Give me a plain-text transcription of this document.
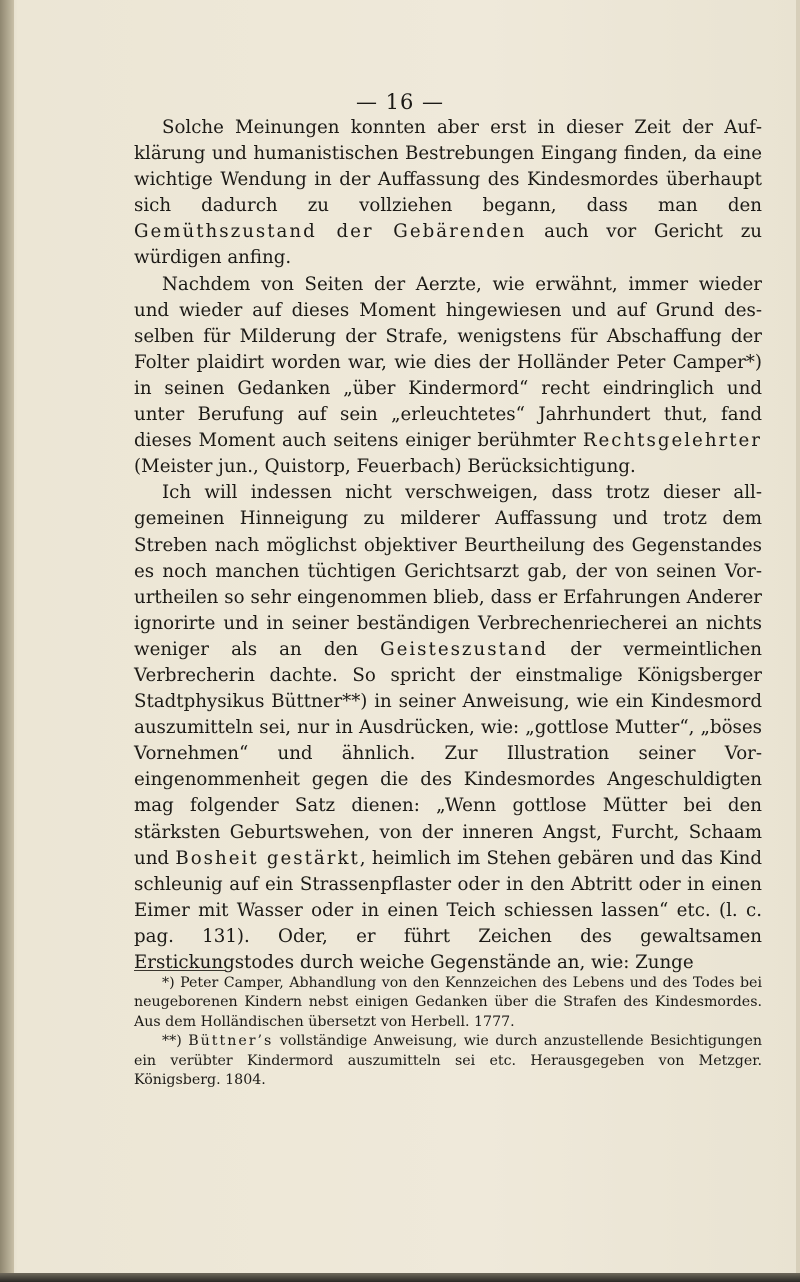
— 16 —

Solche Meinungen konnten aber erst in dieser Zeit der Aufklärung und humanistischen Bestrebungen Eingang finden, da eine wichtige Wendung in der Auffassung des Kindesmordes überhaupt sich dadurch zu vollziehen begann, dass man den Gemüthszustand der Gebärenden auch vor Gericht zu würdigen anfing.

Nachdem von Seiten der Aerzte, wie erwähnt, immer wieder und wieder auf dieses Moment hingewiesen und auf Grund desselben für Milderung der Strafe, wenigstens für Abschaffung der Folter plaidirt worden war, wie dies der Holländer Peter Camper*) in seinen Gedanken „über Kindermord“ recht eindringlich und unter Berufung auf sein „erleuchtetes“ Jahrhundert thut, fand dieses Moment auch seitens einiger berühmter Rechtsgelehrter (Meister jun., Quistorp, Feuerbach) Berücksichtigung.

Ich will indessen nicht verschweigen, dass trotz dieser allgemeinen Hinneigung zu milderer Auffassung und trotz dem Streben nach möglichst objektiver Beurtheilung des Gegenstandes es noch manchen tüchtigen Gerichtsarzt gab, der von seinen Vorurtheilen so sehr eingenommen blieb, dass er Erfahrungen Anderer ignorirte und in seiner beständigen Verbrechenriecherei an nichts weniger als an den Geisteszustand der vermeintlichen Verbrecherin dachte. So spricht der einstmalige Königsberger Stadtphysikus Büttner**) in seiner Anweisung, wie ein Kindesmord auszumitteln sei, nur in Ausdrücken, wie: „gottlose Mutter“, „böses Vornehmen“ und ähnlich. Zur Illustration seiner Voreingenommenheit gegen die des Kindesmordes Angeschuldigten mag folgender Satz dienen: „Wenn gottlose Mütter bei den stärksten Geburtswehen, von der inneren Angst, Furcht, Schaam und Bosheit gestärkt, heimlich im Stehen gebären und das Kind schleunig auf ein Strassenpflaster oder in den Abtritt oder in einen Eimer mit Wasser oder in einen Teich schiessen lassen“ etc. (l. c. pag. 131). Oder, er führt Zeichen des gewaltsamen Erstickungstodes durch weiche Gegenstände an, wie: Zunge

*) Peter Camper, Abhandlung von den Kennzeichen des Lebens und des Todes bei neugeborenen Kindern nebst einigen Gedanken über die Strafen des Kindesmordes. Aus dem Holländischen übersetzt von Herbell. 1777.

**) Büttner’s vollständige Anweisung, wie durch anzustellende Besichtigungen ein verübter Kindermord auszumitteln sei etc. Herausgegeben von Metzger. Königsberg. 1804.
